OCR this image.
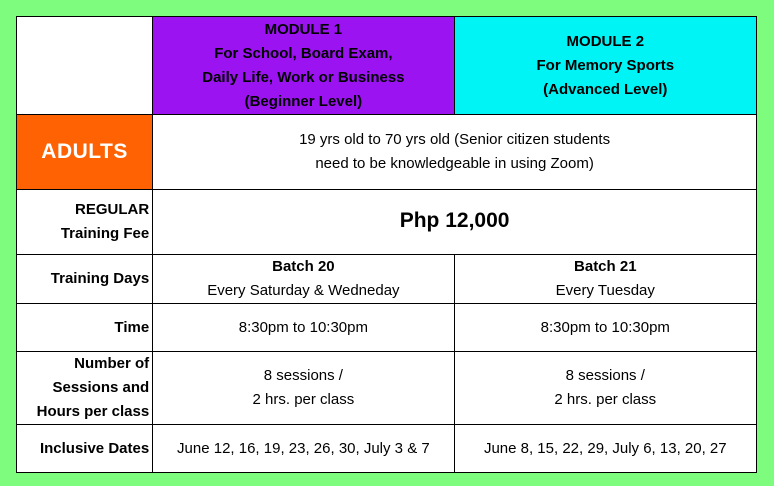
	MODULE 1
For School, Board Exam,
Daily Life, Work or Business
(Beginner Level)	MODULE 2
For Memory Sports
(Advanced Level)

ADULTS	19 yrs old to 70 yrs old (Senior citizen students
need to be knowledgeable in using Zoom)	

REGULAR
Training Fee	Php 12,000	
Training Days	Batch 20
Every Saturday & Wedneday	Batch 21
Every Tuesday

Time	8:30pm to 10:30pm	8:30pm to 10:30pm

Number of
Sessions and
Hours per class	8 sessions /
2 hrs. per class	8 sessions /
2 hrs. per class

Inclusive Dates	June 12, 16, 19, 23, 26, 30, July 3 & 7	June 8, 15, 22, 29, July 6, 13, 20, 27
